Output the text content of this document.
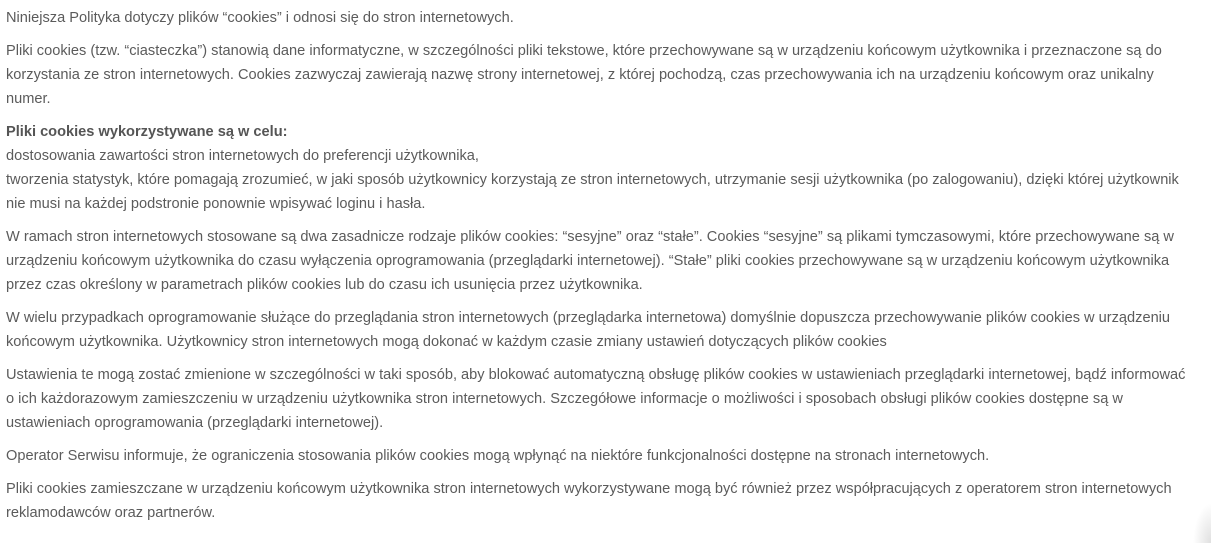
Niniejsza Polityka dotyczy plików “cookies” i odnosi się do stron internetowych.

Pliki cookies (tzw. “ciasteczka”) stanowią dane informatyczne, w szczególności pliki tekstowe, które przechowywane są w urządzeniu końcowym użytkownika i przeznaczone są do korzystania ze stron internetowych. Cookies zazwyczaj zawierają nazwę strony internetowej, z której pochodzą, czas przechowywania ich na urządzeniu końcowym oraz unikalny numer.

Pliki cookies wykorzystywane są w celu:
dostosowania zawartości stron internetowych do preferencji użytkownika,
tworzenia statystyk, które pomagają zrozumieć, w jaki sposób użytkownicy korzystają ze stron internetowych, utrzymanie sesji użytkownika (po zalogowaniu), dzięki której użytkownik nie musi na każdej podstronie ponownie wpisywać loginu i hasła.

W ramach stron internetowych stosowane są dwa zasadnicze rodzaje plików cookies: “sesyjne” oraz “stałe”. Cookies “sesyjne” są plikami tymczasowymi, które przechowywane są w urządzeniu końcowym użytkownika do czasu wyłączenia oprogramowania (przeglądarki internetowej). “Stałe” pliki cookies przechowywane są w urządzeniu końcowym użytkownika przez czas określony w parametrach plików cookies lub do czasu ich usunięcia przez użytkownika.

W wielu przypadkach oprogramowanie służące do przeglądania stron internetowych (przeglądarka internetowa) domyślnie dopuszcza przechowywanie plików cookies w urządzeniu końcowym użytkownika. Użytkownicy stron internetowych mogą dokonać w każdym czasie zmiany ustawień dotyczących plików cookies

Ustawienia te mogą zostać zmienione w szczególności w taki sposób, aby blokować automatyczną obsługę plików cookies w ustawieniach przeglądarki internetowej, bądź informować o ich każdorazowym zamieszczeniu w urządzeniu użytkownika stron internetowych. Szczegółowe informacje o możliwości i sposobach obsługi plików cookies dostępne są w ustawieniach oprogramowania (przeglądarki internetowej).

Operator Serwisu informuje, że ograniczenia stosowania plików cookies mogą wpłynąć na niektóre funkcjonalności dostępne na stronach internetowych.

Pliki cookies zamieszczane w urządzeniu końcowym użytkownika stron internetowych wykorzystywane mogą być również przez współpracujących z operatorem stron internetowych reklamodawców oraz partnerów.
